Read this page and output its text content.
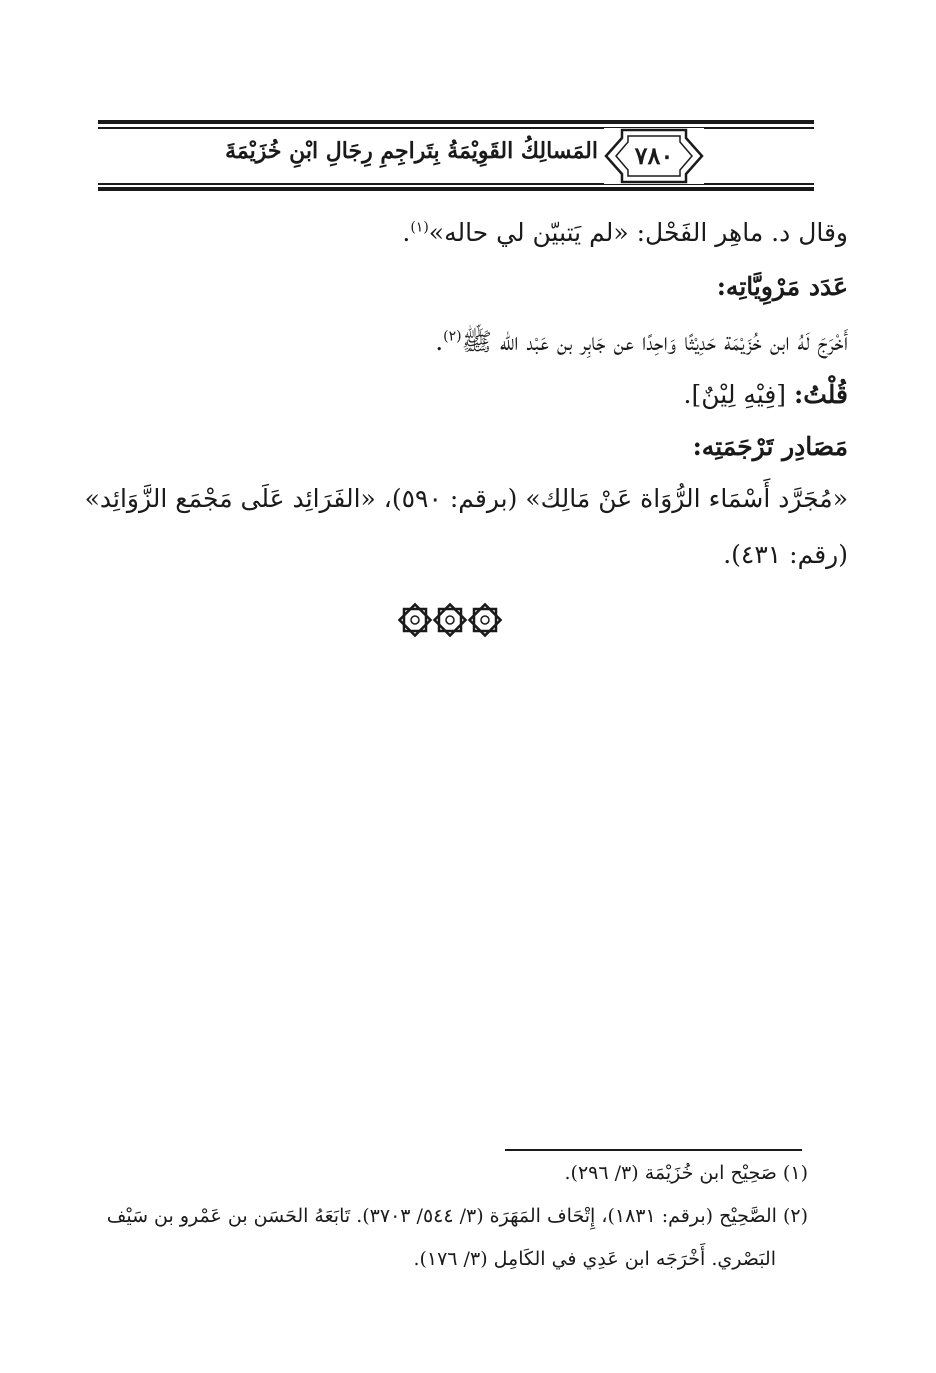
المَسالِكُ القَوِيْمَةُ بِتَراجِمِ رِجَالِ ابْنِ خُزَيْمَةَ	٧٨٠
وقال د. ماهِر الفَحْل: «لم يَتبيّن لي حاله»$^{(١)}$.
عَدَد مَرْوِيَّاتِه:
أَخْرَجَ لَهُ ابن خُزَيْمَة حَدِيْثًا وَاحِدًا عن جَابِر بن عَبْد الله ﷺ$^{(٢)}$.
قُلْتُ: [فِيْهِ لِيْنٌ].
مَصَادِر تَرْجَمَتِه:
«مُجَرَّد أَسْمَاء الرُّوَاة عَنْ مَالِك» (برقم: ٥٩٠)، «الفَرَائِد عَلَى مَجْمَع الزَّوَائِد»
(رقم: ٤٣١).
(١) صَحِيْح ابن خُزَيْمَة (٣/ ٢٩٦).
(٢) الصَّحِيْح (برقم: ١٨٣١)، إِتْحَاف المَهَرَة (٣/ ٥٤٤/ ٣٧٠٣). تَابَعَهُ الحَسَن بن عَمْرو بن سَيْف
البَصْري. أَخْرَجَه ابن عَدِي في الكَامِل (٣/ ١٧٦).
